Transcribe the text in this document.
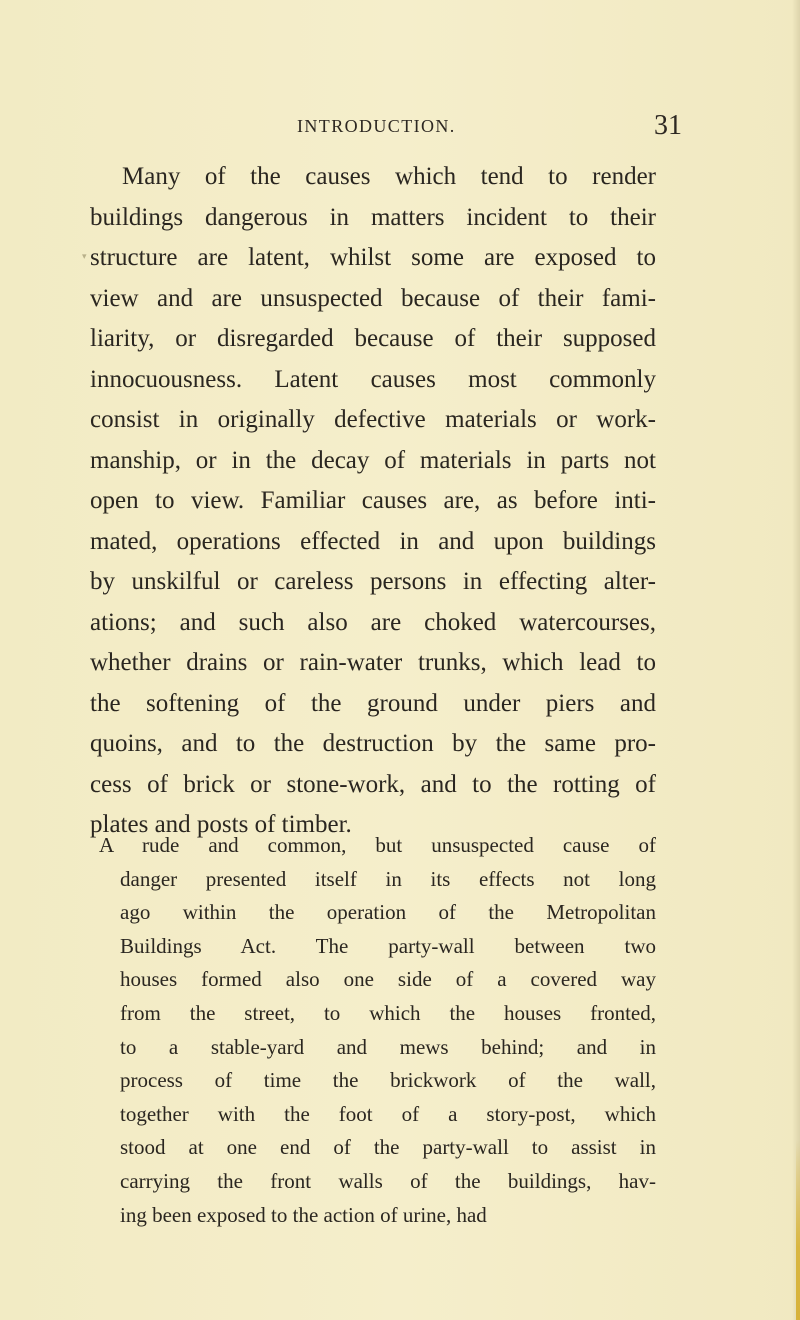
▾
INTRODUCTION.	31
Many of the causes which tend to render
buildings dangerous in matters incident to their
structure are latent, whilst some are exposed to
view and are unsuspected because of their fami-
liarity, or disregarded because of their supposed
innocuousness. Latent causes most commonly
consist in originally defective materials or work-
manship, or in the decay of materials in parts not
open to view. Familiar causes are, as before inti-
mated, operations effected in and upon buildings
by unskilful or careless persons in effecting alter-
ations; and such also are choked watercourses,
whether drains or rain-water trunks, which lead to
the softening of the ground under piers and
quoins, and to the destruction by the same pro-
cess of brick or stone-work, and to the rotting of
plates and posts of timber.
A rude and common, but unsuspected cause of
danger presented itself in its effects not long
ago within the operation of the Metropolitan
Buildings Act. The party-wall between two
houses formed also one side of a covered way
from the street, to which the houses fronted,
to a stable-yard and mews behind; and in
process of time the brickwork of the wall,
together with the foot of a story-post, which
stood at one end of the party-wall to assist in
carrying the front walls of the buildings, hav-
ing been exposed to the action of urine, had
